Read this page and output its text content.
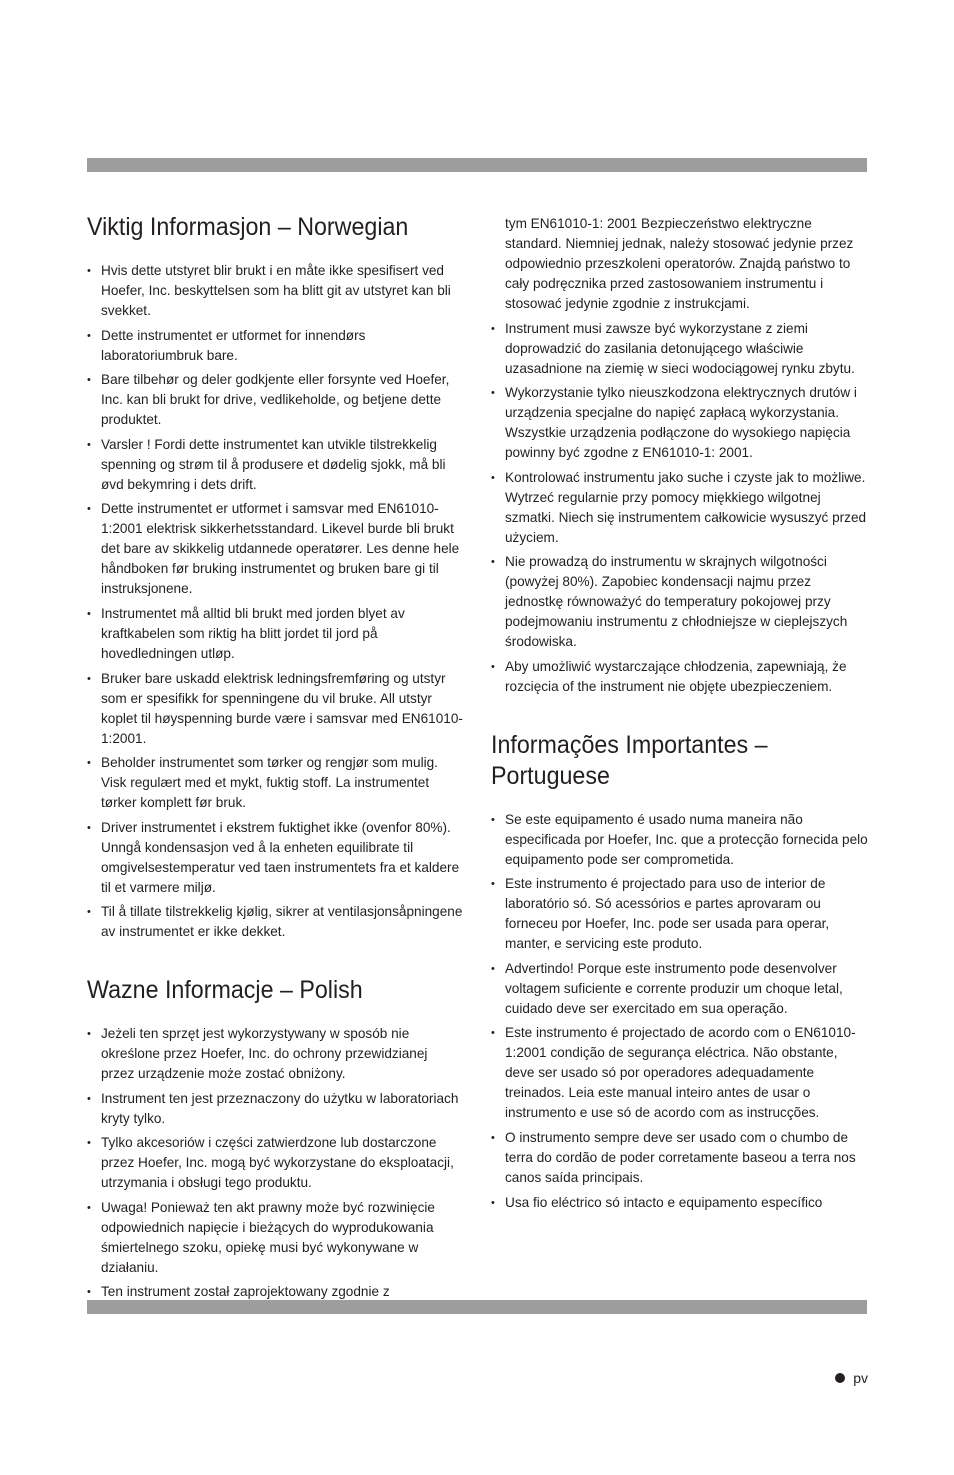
Viktig Informasjon – Norwegian
• Hvis dette utstyret blir brukt i en måte ikke spesifisert ved Hoefer, Inc. beskyttelsen som ha blitt git av utstyret kan bli svekket.
• Dette instrumentet er utformet for innendørs laboratoriumbruk bare.
• Bare tilbehør og deler godkjente eller forsynte ved Hoefer, Inc. kan bli brukt for drive, vedlikeholde, og betjene dette produktet.
• Varsler ! Fordi dette instrumentet kan utvikle tilstrekkelig spenning og strøm til å produsere et dødelig sjokk, må bli øvd bekymring i dets drift.
• Dette instrumentet er utformet i samsvar med EN61010-1:2001 elektrisk sikkerhetsstandard. Likevel burde bli brukt det bare av skikkelig utdannede operatører. Les denne hele håndboken før bruking instrumentet og bruken bare gi til instruksjonene.
• Instrumentet må alltid bli brukt med jorden blyet av kraftkabelen som riktig ha blitt jordet til jord på hovedledningen utløp.
• Bruker bare uskadd elektrisk ledningsfremføring og utstyr som er spesifikk for spenningene du vil bruke. All utstyr koplet til høyspenning burde være i samsvar med EN61010-1:2001.
• Beholder instrumentet som tørker og rengjør som mulig. Visk regulært med et mykt, fuktig stoff. La instrumentet tørker komplett før bruk.
• Driver instrumentet i ekstrem fuktighet ikke (ovenfor 80%). Unngå kondensasjon ved å la enheten equilibrate til omgivelsestemperatur ved taen instrumentets fra et kaldere til et varmere miljø.
• Til å tillate tilstrekkelig kjølig, sikrer at ventilasjonsåpningene av instrumentet er ikke dekket.
Wazne Informacje – Polish
• Jeżeli ten sprzęt jest wykorzystywany w sposób nie określone przez Hoefer, Inc. do ochrony przewidzianej przez urządzenie może zostać obniżony.
• Instrument ten jest przeznaczony do użytku w laboratoriach kryty tylko.
• Tylko akcesoriów i części zatwierdzone lub dostarczone przez Hoefer, Inc. mogą być wykorzystane do eksploatacji, utrzymania i obsługi tego produktu.
• Uwaga! Ponieważ ten akt prawny może być rozwinięcie odpowiednich napięcie i bieżących do wyprodukowania śmiertelnego szoku, opiekę musi być wykonywane w działaniu.
• Ten instrument został zaprojektowany zgodnie z
tym EN61010-1: 2001 Bezpieczeństwo elektryczne standard. Niemniej jednak, należy stosować jedynie przez odpowiednio przeszkoleni operatorów. Znajdą państwo to cały podręcznika przed zastosowaniem instrumentu i stosować jedynie zgodnie z instrukcjami.
• Instrument musi zawsze być wykorzystane z ziemi doprowadzić do zasilania detonującego właściwie uzasadnione na ziemię w sieci wodociągowej rynku zbytu.
• Wykorzystanie tylko nieuszkodzona elektrycznych drutów i urządzenia specjalne do napięć zapłacą wykorzystania. Wszystkie urządzenia podłączone do wysokiego napięcia powinny być zgodne z EN61010-1: 2001.
• Kontrolować instrumentu jako suche i czyste jak to możliwe. Wytrzeć regularnie przy pomocy miękkiego wilgotnej szmatki. Niech się instrumentem całkowicie wysuszyć przed użyciem.
• Nie prowadzą do instrumentu w skrajnych wilgotności (powyżej 80%). Zapobiec kondensacji najmu przez jednostkę równoważyć do temperatury pokojowej przy podejmowaniu instrumentu z chłodniejsze w cieplejszych środowiska.
• Aby umożliwić wystarczające chłodzenia, zapewniają, że rozcięcia of the instrument nie objęte ubezpieczeniem.
Informações Importantes – Portuguese
• Se este equipamento é usado numa maneira não especificada por Hoefer, Inc. que a protecção fornecida pelo equipamento pode ser comprometida.
• Este instrumento é projectado para uso de interior de laboratório só. Só acessórios e partes aprovaram ou forneceu por Hoefer, Inc. pode ser usada para operar, manter, e servicing este produto.
• Advertindo! Porque este instrumento pode desenvolver voltagem suficiente e corrente produzir um choque letal, cuidado deve ser exercitado em sua operação.
• Este instrumento é projectado de acordo com o EN61010-1:2001 condição de segurança eléctrica. Não obstante, deve ser usado só por operadores adequadamente treinados. Leia este manual inteiro antes de usar o instrumento e use só de acordo com as instrucções.
• O instrumento sempre deve ser usado com o chumbo de terra do cordão de poder corretamente baseou a terra nos canos saída principais.
• Usa fio eléctrico só intacto e equipamento específico
pv
